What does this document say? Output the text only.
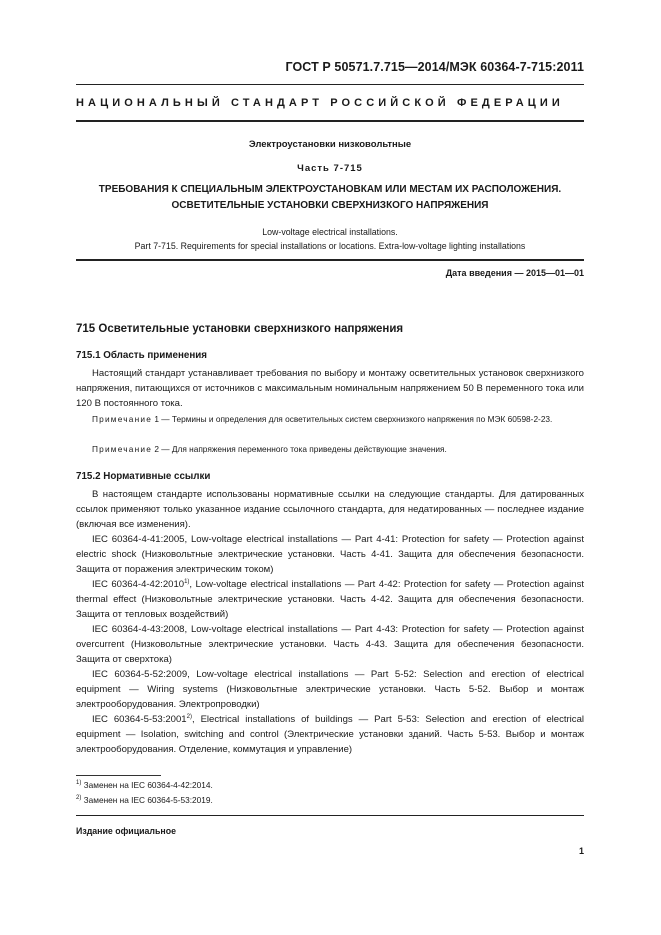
ГОСТ Р 50571.7.715—2014/МЭК 60364-7-715:2011
НАЦИОНАЛЬНЫЙ СТАНДАРТ РОССИЙСКОЙ ФЕДЕРАЦИИ
Электроустановки низковольтные
Часть 7-715
ТРЕБОВАНИЯ К СПЕЦИАЛЬНЫМ ЭЛЕКТРОУСТАНОВКАМ ИЛИ МЕСТАМ ИХ РАСПОЛОЖЕНИЯ.
ОСВЕТИТЕЛЬНЫЕ УСТАНОВКИ СВЕРХНИЗКОГО НАПРЯЖЕНИЯ
Low-voltage electrical installations.
Part 7-715. Requirements for special installations or locations. Extra-low-voltage lighting installations
Дата введения — 2015—01—01
715 Осветительные установки сверхнизкого напряжения
715.1 Область применения
Настоящий стандарт устанавливает требования по выбору и монтажу осветительных установок сверхнизкого напряжения, питающихся от источников с максимальным номинальным напряжением 50 В переменного тока или 120 В постоянного тока.
Примечание 1 — Термины и определения для осветительных систем сверхнизкого напряжения по МЭК 60598-2-23.
Примечание 2 — Для напряжения переменного тока приведены действующие значения.
715.2 Нормативные ссылки
В настоящем стандарте использованы нормативные ссылки на следующие стандарты. Для датированных ссылок применяют только указанное издание ссылочного стандарта, для недатированных — последнее издание (включая все изменения).
IEC 60364-4-41:2005, Low-voltage electrical installations — Part 4-41: Protection for safety — Protection against electric shock (Низковольтные электрические установки. Часть 4-41. Защита для обеспечения безопасности. Защита от поражения электрическим током)
IEC 60364-4-42:2010$^{1)}$, Low-voltage electrical installations — Part 4-42: Protection for safety — Protection against thermal effect (Низковольтные электрические установки. Часть 4-42. Защита для обеспечения безопасности. Защита от тепловых воздействий)
IEC 60364-4-43:2008, Low-voltage electrical installations — Part 4-43: Protection for safety — Protection against overcurrent (Низковольтные электрические установки. Часть 4-43. Защита для обеспечения безопасности. Защита от сверхтока)
IEC 60364-5-52:2009, Low-voltage electrical installations — Part 5-52: Selection and erection of electrical equipment — Wiring systems (Низковольтные электрические установки. Часть 5-52. Выбор и монтаж электрооборудования. Электропроводки)
IEC 60364-5-53:2001$^{2)}$, Electrical installations of buildings — Part 5-53: Selection and erection of electrical equipment — Isolation, switching and control (Электрические установки зданий. Часть 5-53. Выбор и монтаж электрооборудования. Отделение, коммутация и управление)
$^{1)}$ Заменен на IEC 60364-4-42:2014.
$^{2)}$ Заменен на IEC 60364-5-53:2019.
Издание официальное
1
